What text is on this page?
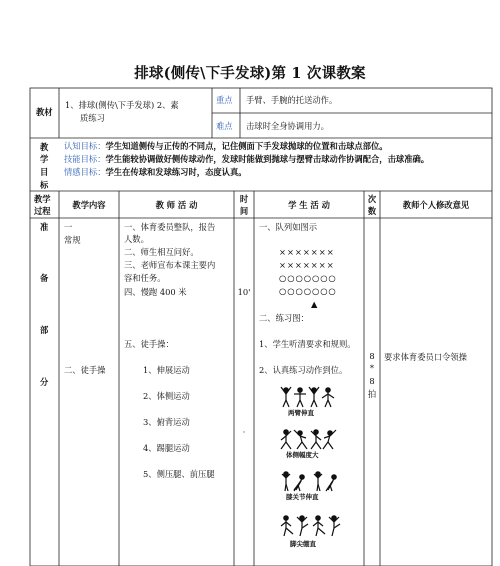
排球(侧传\下手发球)第 1 次课教案
教材
1、排球(侧传\下手发球) 2、素
质练习
重点 手臂、手腕的托送动作。
难点 击球时全身协调用力。
教
学
目
标
认知目标：学生知道侧传与正传的不同点，记住侧面下手发球抛球的位置和击球点部位。
技能目标：学生能较协调做好侧传球动作，发球时能做到抛球与摆臂击球动作协调配合，击球准确。
情感目标：学生在传球和发球练习时，态度认真。
教学
过程
教学内容	教 师 活 动
时
间
学 生 活 动
次
数
教师个人修改意见
准
备
部
分
一
常规
二、徒手操
一、体育委员整队，报告
人数。
二、师生相互问好。
三、老师宣布本课主要内
容和任务。
四、慢跑 400 米
五、徒手操：
1、伸展运动
2、体侧运动
3、俯背运动
4、踢腿运动
5、侧压腿、前压腿
10'
·
一、队列如图示
×××××××
×××××××
○○○○○○○
○○○○○○○
▲
二、练习图：
1、学生听清要求和规则。
2、认真练习动作到位。
两臂伸直
体侧幅度大
膝关节伸直
脚尖绷直
8
*
8
拍
要求体育委员口令领操
